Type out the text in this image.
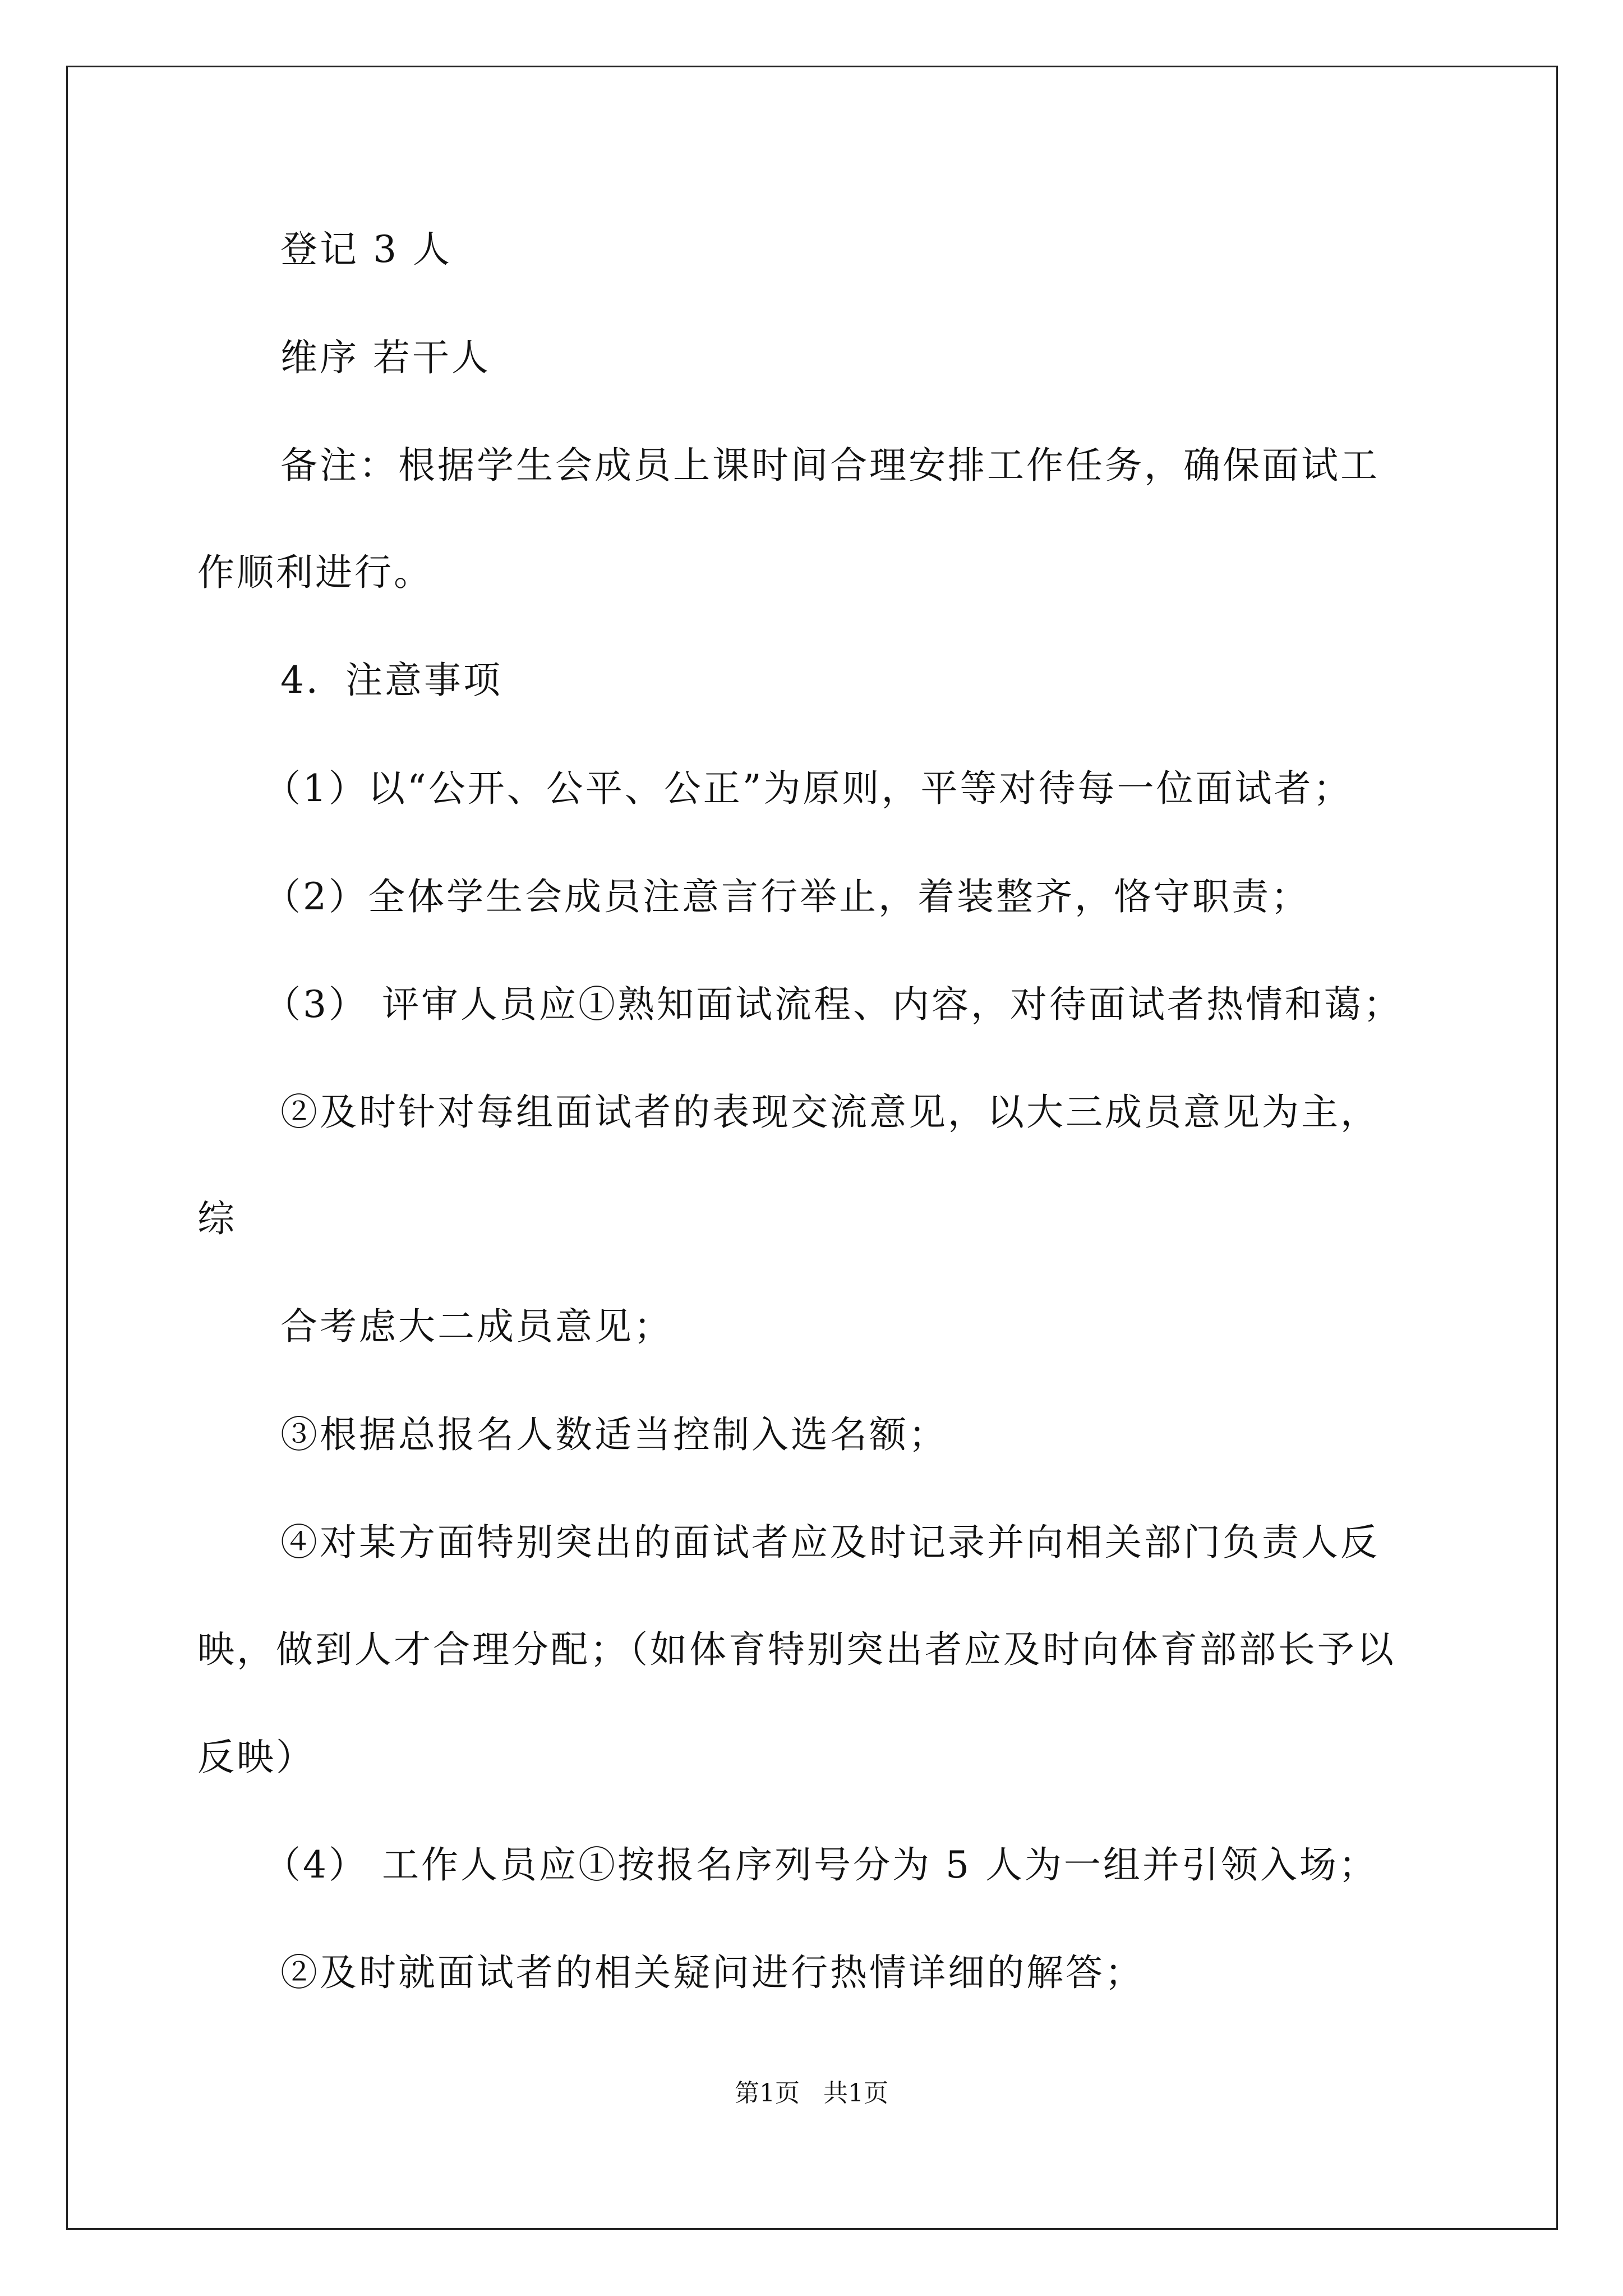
登记 3 人
维序 若干人
备注：根据学生会成员上课时间合理安排工作任务，确保面试工
作顺利进行。
4．注意事项
（1）以“公开、公平、公正”为原则，平等对待每一位面试者；
（2）全体学生会成员注意言行举止，着装整齐，恪守职责；
（3） 评审人员应①熟知面试流程、内容，对待面试者热情和蔼；
②及时针对每组面试者的表现交流意见，以大三成员意见为主，
综
合考虑大二成员意见；
③根据总报名人数适当控制入选名额；
④对某方面特别突出的面试者应及时记录并向相关部门负责人反
映，做到人才合理分配；（如体育特别突出者应及时向体育部部长予以
反映）
（4） 工作人员应①按报名序列号分为 5 人为一组并引领入场；
②及时就面试者的相关疑问进行热情详细的解答；
第1页   共1页
